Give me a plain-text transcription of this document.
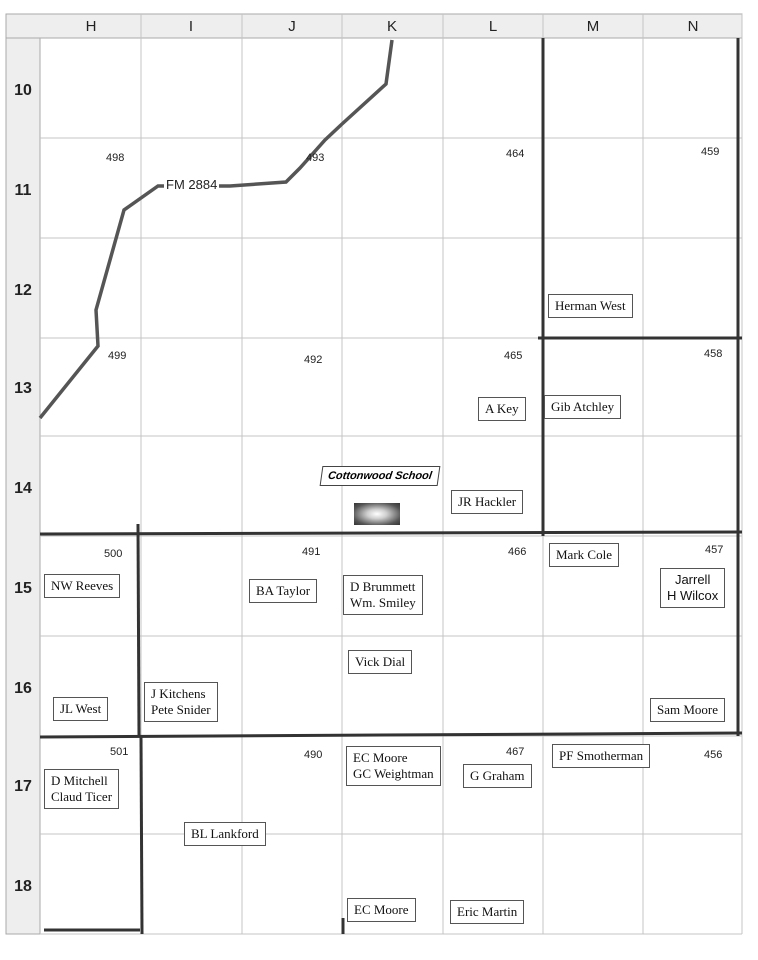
H	I	J	K	L	M	N
10
11
12
13
14
15
16
17
18
498	493	464	459
499	492	465	458
500	491	466	457
501	490	467	456
FM 2884
Cottonwood School
Herman West
A Key Gib Atchley
JR Hackler
Mark Cole
NW Reeves	BA Taylor	D Brummett
Wm. Smiley
Jarrell
H Wilcox
Vick Dial
JL West
J Kitchens
Pete Snider	Sam Moore
EC Moore
GC Weightman	G Graham
PF Smotherman
D Mitchell
Claud Ticer
BL Lankford
EC Moore	Eric Martin
